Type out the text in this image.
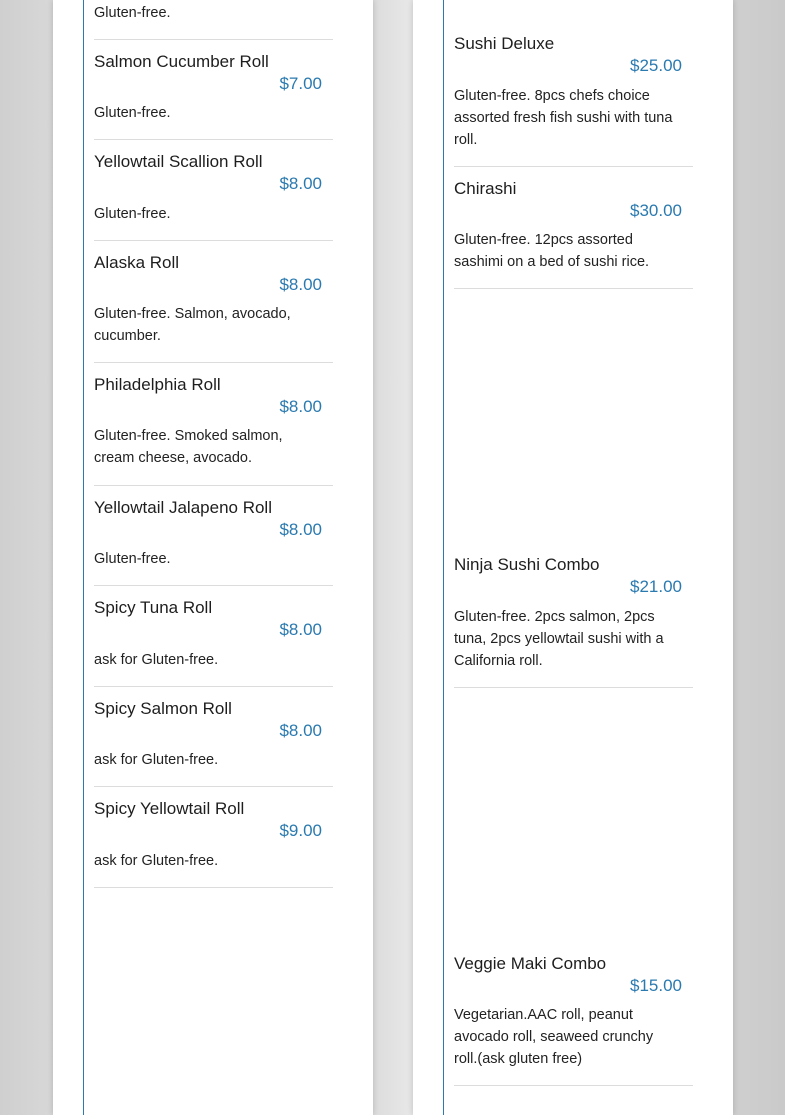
Gluten-free.
Salmon Cucumber Roll
$7.00
Gluten-free.
Yellowtail Scallion Roll
$8.00
Gluten-free.
Alaska Roll
$8.00
Gluten-free. Salmon, avocado, cucumber.
Philadelphia Roll
$8.00
Gluten-free. Smoked salmon, cream cheese, avocado.
Yellowtail Jalapeno Roll
$8.00
Gluten-free.
Spicy Tuna Roll
$8.00
ask for Gluten-free.
Spicy Salmon Roll
$8.00
ask for Gluten-free.
Spicy Yellowtail Roll
$9.00
ask for Gluten-free.
Sushi Deluxe
$25.00
Gluten-free. 8pcs chefs choice assorted fresh fish sushi with tuna roll.
Chirashi
$30.00
Gluten-free. 12pcs assorted sashimi on a bed of sushi rice.
Ninja Sushi Combo
$21.00
Gluten-free. 2pcs salmon, 2pcs tuna, 2pcs yellowtail sushi with a California roll.
Veggie Maki Combo
$15.00
Vegetarian.AAC roll, peanut avocado roll, seaweed crunchy roll.(ask gluten free)
